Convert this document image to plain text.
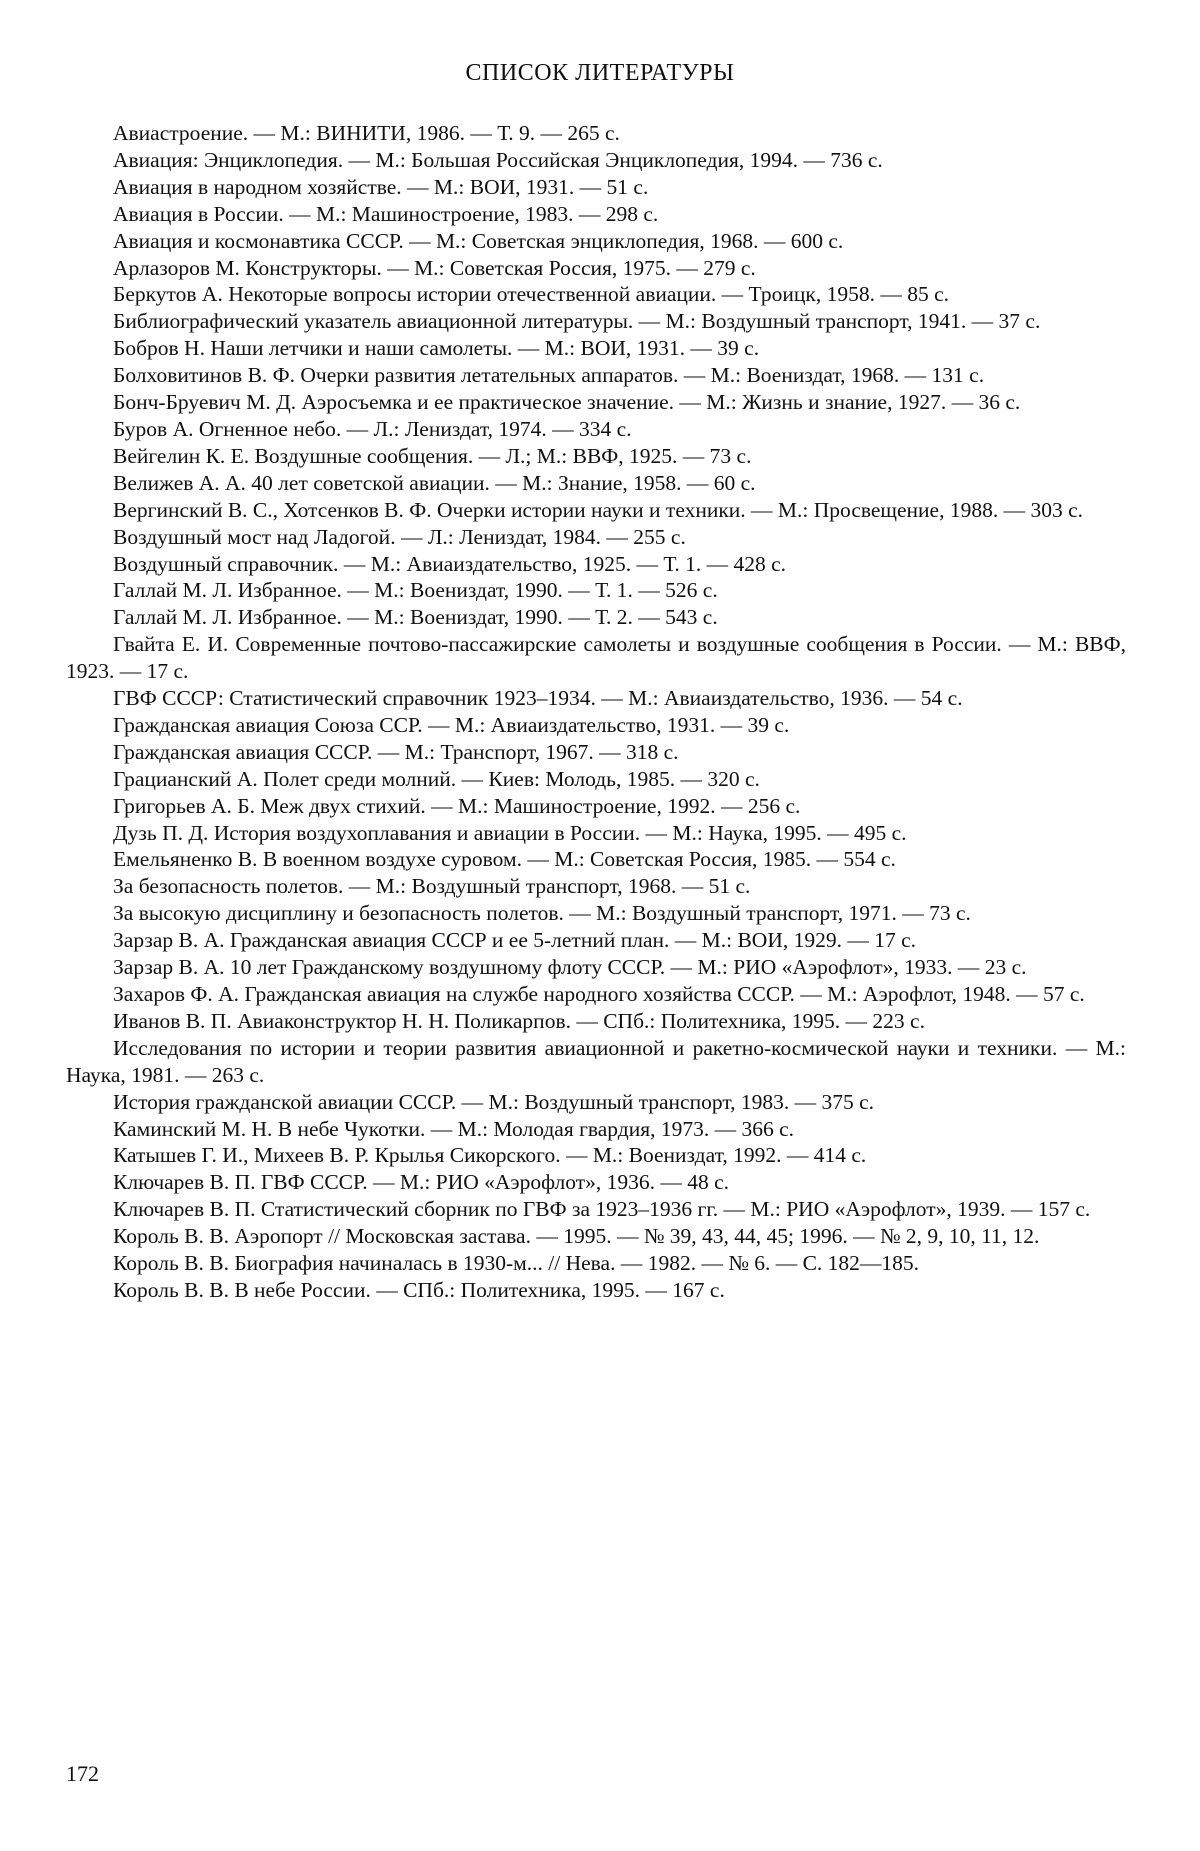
СПИСОК ЛИТЕРАТУРЫ
Авиастроение. — М.: ВИНИТИ, 1986. — Т. 9. — 265 с.
Авиация: Энциклопедия. — М.: Большая Российская Энциклопедия, 1994. — 736 с.
Авиация в народном хозяйстве. — М.: ВОИ, 1931. — 51 с.
Авиация в России. — М.: Машиностроение, 1983. — 298 с.
Авиация и космонавтика СССР. — М.: Советская энциклопедия, 1968. — 600 с.
Арлазоров М. Конструкторы. — М.: Советская Россия, 1975. — 279 с.
Беркутов А. Некоторые вопросы истории отечественной авиации. — Троицк, 1958. — 85 с.
Библиографический указатель авиационной литературы. — М.: Воздушный транспорт, 1941. — 37 с.
Бобров Н. Наши летчики и наши самолеты. — М.: ВОИ, 1931. — 39 с.
Болховитинов В. Ф. Очерки развития летательных аппаратов. — М.: Воениздат, 1968. — 131 с.
Бонч-Бруевич М. Д. Аэросъемка и ее практическое значение. — М.: Жизнь и знание, 1927. — 36 с.
Буров А. Огненное небо. — Л.: Лениздат, 1974. — 334 с.
Вейгелин К. Е. Воздушные сообщения. — Л.; М.: ВВФ, 1925. — 73 с.
Велижев А. А. 40 лет советской авиации. — М.: Знание, 1958. — 60 с.
Вергинский В. С., Хотсенков В. Ф. Очерки истории науки и техники. — М.: Просвещение, 1988. — 303 с.
Воздушный мост над Ладогой. — Л.: Лениздат, 1984. — 255 с.
Воздушный справочник. — М.: Авиаиздательство, 1925. — Т. 1. — 428 с.
Галлай М. Л. Избранное. — М.: Воениздат, 1990. — Т. 1. — 526 с.
Галлай М. Л. Избранное. — М.: Воениздат, 1990. — Т. 2. — 543 с.
Гвайта Е. И. Современные почтово-пассажирские самолеты и воздушные сообщения в России. — М.: ВВФ, 1923. — 17 с.
ГВФ СССР: Статистический справочник 1923–1934. — М.: Авиаиздательство, 1936. — 54 с.
Гражданская авиация Союза ССР. — М.: Авиаиздательство, 1931. — 39 с.
Гражданская авиация СССР. — М.: Транспорт, 1967. — 318 с.
Грацианский А. Полет среди молний. — Киев: Молодь, 1985. — 320 с.
Григорьев А. Б. Меж двух стихий. — М.: Машиностроение, 1992. — 256 с.
Дузь П. Д. История воздухоплавания и авиации в России. — М.: Наука, 1995. — 495 с.
Емельяненко В. В военном воздухе суровом. — М.: Советская Россия, 1985. — 554 с.
За безопасность полетов. — М.: Воздушный транспорт, 1968. — 51 с.
За высокую дисциплину и безопасность полетов. — М.: Воздушный транспорт, 1971. — 73 с.
Зарзар В. А. Гражданская авиация СССР и ее 5-летний план. — М.: ВОИ, 1929. — 17 с.
Зарзар В. А. 10 лет Гражданскому воздушному флоту СССР. — М.: РИО «Аэрофлот», 1933. — 23 с.
Захаров Ф. А. Гражданская авиация на службе народного хозяйства СССР. — М.: Аэрофлот, 1948. — 57 с.
Иванов В. П. Авиаконструктор Н. Н. Поликарпов. — СПб.: Политехника, 1995. — 223 с.
Исследования по истории и теории развития авиационной и ракетно-космической науки и техники. — М.: Наука, 1981. — 263 с.
История гражданской авиации СССР. — М.: Воздушный транспорт, 1983. — 375 с.
Каминский М. Н. В небе Чукотки. — М.: Молодая гвардия, 1973. — 366 с.
Катышев Г. И., Михеев В. Р. Крылья Сикорского. — М.: Воениздат, 1992. — 414 с.
Ключарев В. П. ГВФ СССР. — М.: РИО «Аэрофлот», 1936. — 48 с.
Ключарев В. П. Статистический сборник по ГВФ за 1923–1936 гг. — М.: РИО «Аэрофлот», 1939. — 157 с.
Король В. В. Аэропорт // Московская застава. — 1995. — № 39, 43, 44, 45; 1996. — № 2, 9, 10, 11, 12.
Король В. В. Биография начиналась в 1930-м... // Нева. — 1982. — № 6. — С. 182—185.
Король В. В. В небе России. — СПб.: Политехника, 1995. — 167 с.
172
